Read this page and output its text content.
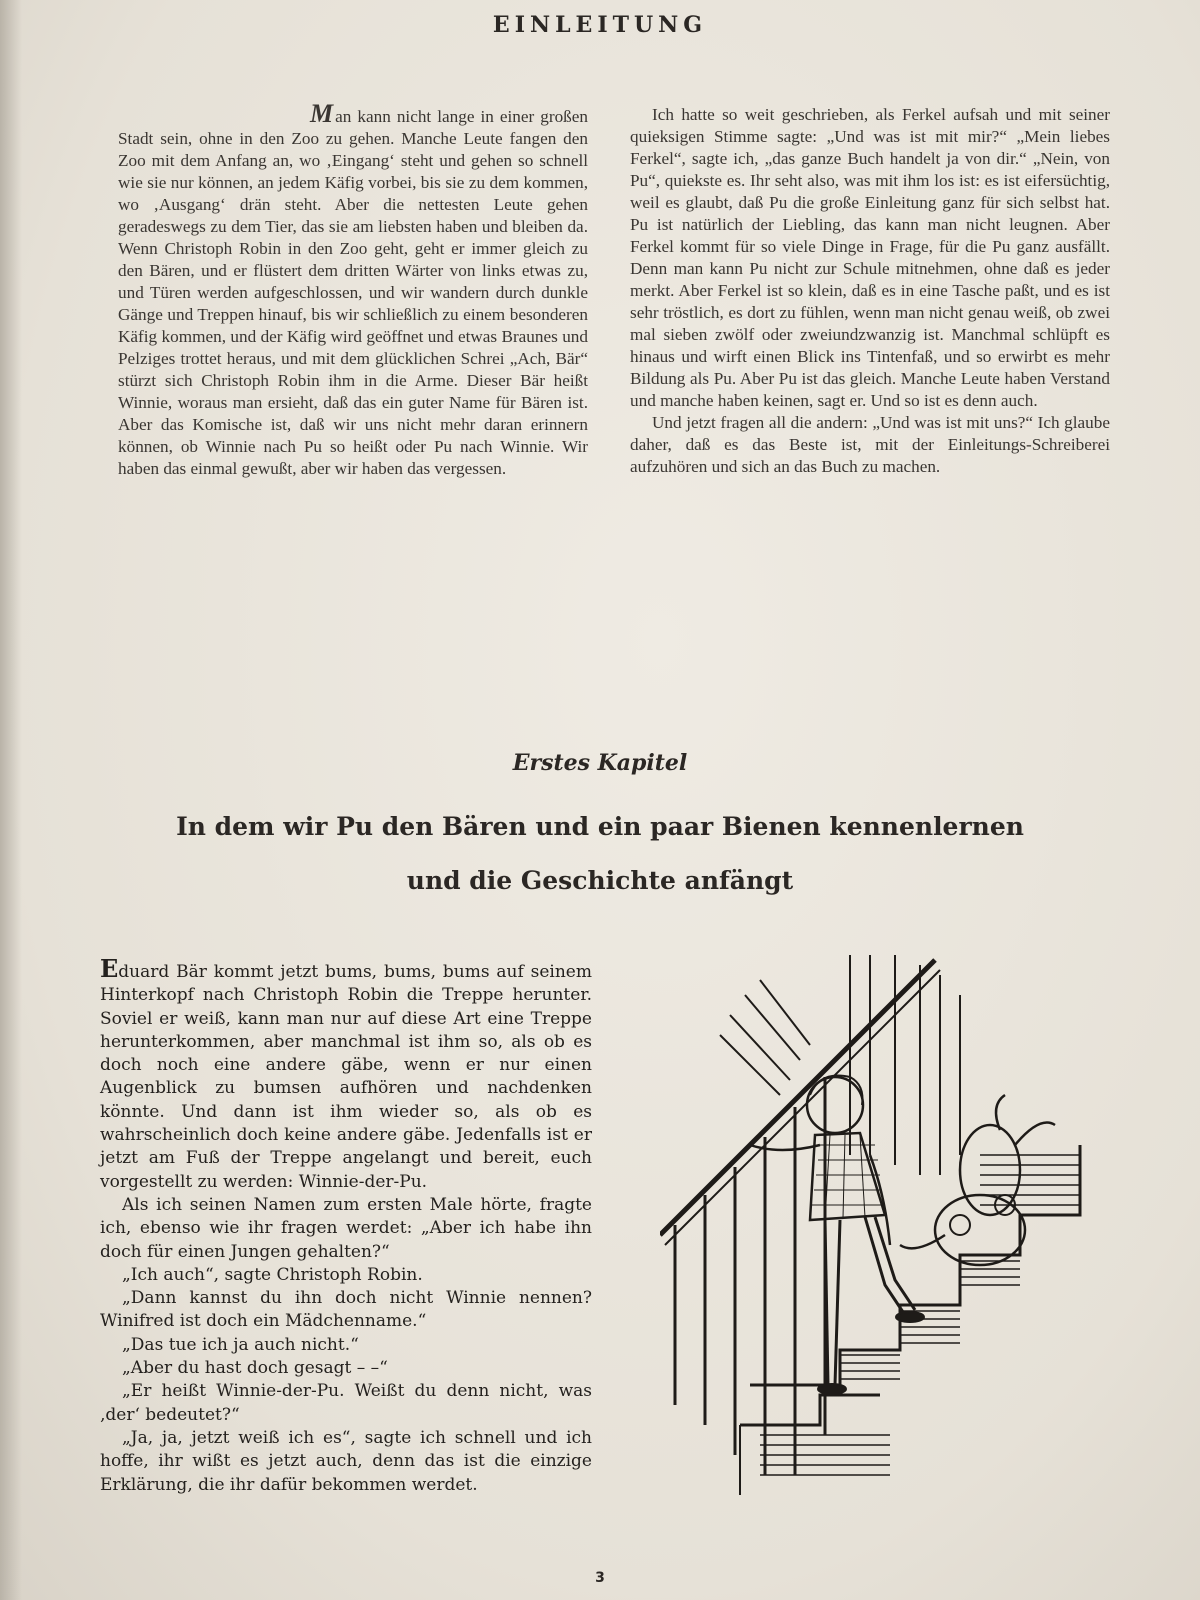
EINLEITUNG

Man kann nicht lange in einer großen Stadt sein, ohne in den Zoo zu gehen. Manche Leute fangen den Zoo mit dem Anfang an, wo ‚Eingang‘ steht und gehen so schnell wie sie nur können, an jedem Käfig vorbei, bis sie zu dem kommen, wo ‚Ausgang‘ drän steht. Aber die nettesten Leute gehen geradeswegs zu dem Tier, das sie am liebsten haben und bleiben da. Wenn Christoph Robin in den Zoo geht, geht er immer gleich zu den Bären, und er flüstert dem dritten Wärter von links etwas zu, und Türen werden aufgeschlossen, und wir wandern durch dunkle Gänge und Treppen hinauf, bis wir schließlich zu einem besonderen Käfig kommen, und der Käfig wird geöffnet und etwas Braunes und Pelziges trottet heraus, und mit dem glücklichen Schrei „Ach, Bär“ stürzt sich Christoph Robin ihm in die Arme. Dieser Bär heißt Winnie, woraus man ersieht, daß das ein guter Name für Bären ist. Aber das Komische ist, daß wir uns nicht mehr daran erinnern können, ob Winnie nach Pu so heißt oder Pu nach Winnie. Wir haben das einmal gewußt, aber wir haben das vergessen.

Ich hatte so weit geschrieben, als Ferkel aufsah und mit seiner quieksigen Stimme sagte: „Und was ist mit mir?“ „Mein liebes Ferkel“, sagte ich, „das ganze Buch handelt ja von dir.“ „Nein, von Pu“, quiekste es. Ihr seht also, was mit ihm los ist: es ist eifersüchtig, weil es glaubt, daß Pu die große Einleitung ganz für sich selbst hat. Pu ist natürlich der Liebling, das kann man nicht leugnen. Aber Ferkel kommt für so viele Dinge in Frage, für die Pu ganz ausfällt. Denn man kann Pu nicht zur Schule mitnehmen, ohne daß es jeder merkt. Aber Ferkel ist so klein, daß es in eine Tasche paßt, und es ist sehr tröstlich, es dort zu fühlen, wenn man nicht genau weiß, ob zwei mal sieben zwölf oder zweiundzwanzig ist. Manchmal schlüpft es hinaus und wirft einen Blick ins Tintenfaß, und so erwirbt es mehr Bildung als Pu. Aber Pu ist das gleich. Manche Leute haben Verstand und manche haben keinen, sagt er. Und so ist es denn auch.

Und jetzt fragen all die andern: „Und was ist mit uns?“ Ich glaube daher, daß es das Beste ist, mit der Einleitungs-Schreiberei aufzuhören und sich an das Buch zu machen.

Erstes Kapitel
In dem wir Pu den Bären und ein paar Bienen kennenlernen
und die Geschichte anfängt

Eduard Bär kommt jetzt bums, bums, bums auf seinem Hinterkopf nach Christoph Robin die Treppe herunter. Soviel er weiß, kann man nur auf diese Art eine Treppe herunterkommen, aber manchmal ist ihm so, als ob es doch noch eine andere gäbe, wenn er nur einen Augenblick zu bumsen aufhören und nachdenken könnte. Und dann ist ihm wieder so, als ob es wahrscheinlich doch keine andere gäbe. Jedenfalls ist er jetzt am Fuß der Treppe angelangt und bereit, euch vorgestellt zu werden: Winnie-der-Pu.

Als ich seinen Namen zum ersten Male hörte, fragte ich, ebenso wie ihr fragen werdet: „Aber ich habe ihn doch für einen Jungen gehalten?“

„Ich auch“, sagte Christoph Robin.

„Dann kannst du ihn doch nicht Winnie nennen? Winifred ist doch ein Mädchenname.“

„Das tue ich ja auch nicht.“

„Aber du hast doch gesagt – –“

„Er heißt Winnie-der-Pu. Weißt du denn nicht, was ‚der‘ bedeutet?“

„Ja, ja, jetzt weiß ich es“, sagte ich schnell und ich hoffe, ihr wißt es jetzt auch, denn das ist die einzige Erklärung, die ihr dafür bekommen werdet.

3
